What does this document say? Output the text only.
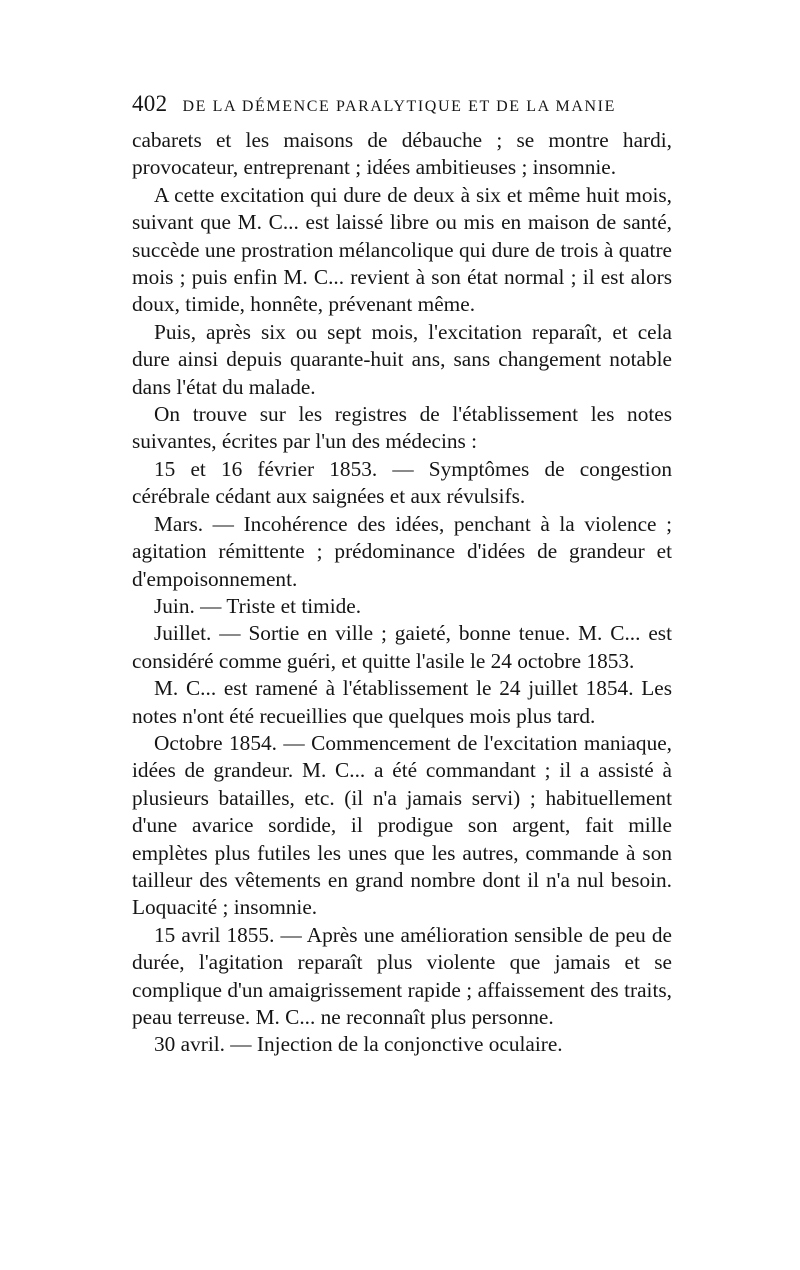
402 DE LA DÉMENCE PARALYTIQUE ET DE LA MANIE

cabarets et les maisons de débauche ; se montre hardi, provocateur, entreprenant ; idées ambitieuses ; insomnie.

A cette excitation qui dure de deux à six et même huit mois, suivant que M. C... est laissé libre ou mis en maison de santé, succède une prostration mélancolique qui dure de trois à quatre mois ; puis enfin M. C... revient à son état normal ; il est alors doux, timide, honnête, prévenant même.

Puis, après six ou sept mois, l'excitation reparaît, et cela dure ainsi depuis quarante-huit ans, sans changement notable dans l'état du malade.

On trouve sur les registres de l'établissement les notes suivantes, écrites par l'un des médecins :

15 et 16 février 1853. — Symptômes de congestion cérébrale cédant aux saignées et aux révulsifs.

Mars. — Incohérence des idées, penchant à la violence ; agitation rémittente ; prédominance d'idées de grandeur et d'empoisonnement.

Juin. — Triste et timide.

Juillet. — Sortie en ville ; gaieté, bonne tenue. M. C... est considéré comme guéri, et quitte l'asile le 24 octobre 1853.

M. C... est ramené à l'établissement le 24 juillet 1854. Les notes n'ont été recueillies que quelques mois plus tard.

Octobre 1854. — Commencement de l'excitation maniaque, idées de grandeur. M. C... a été commandant ; il a assisté à plusieurs batailles, etc. (il n'a jamais servi) ; habituellement d'une avarice sordide, il prodigue son argent, fait mille emplètes plus futiles les unes que les autres, commande à son tailleur des vêtements en grand nombre dont il n'a nul besoin. Loquacité ; insomnie.

15 avril 1855. — Après une amélioration sensible de peu de durée, l'agitation reparaît plus violente que jamais et se complique d'un amaigrissement rapide ; affaissement des traits, peau terreuse. M. C... ne reconnaît plus personne.

30 avril. — Injection de la conjonctive oculaire.
